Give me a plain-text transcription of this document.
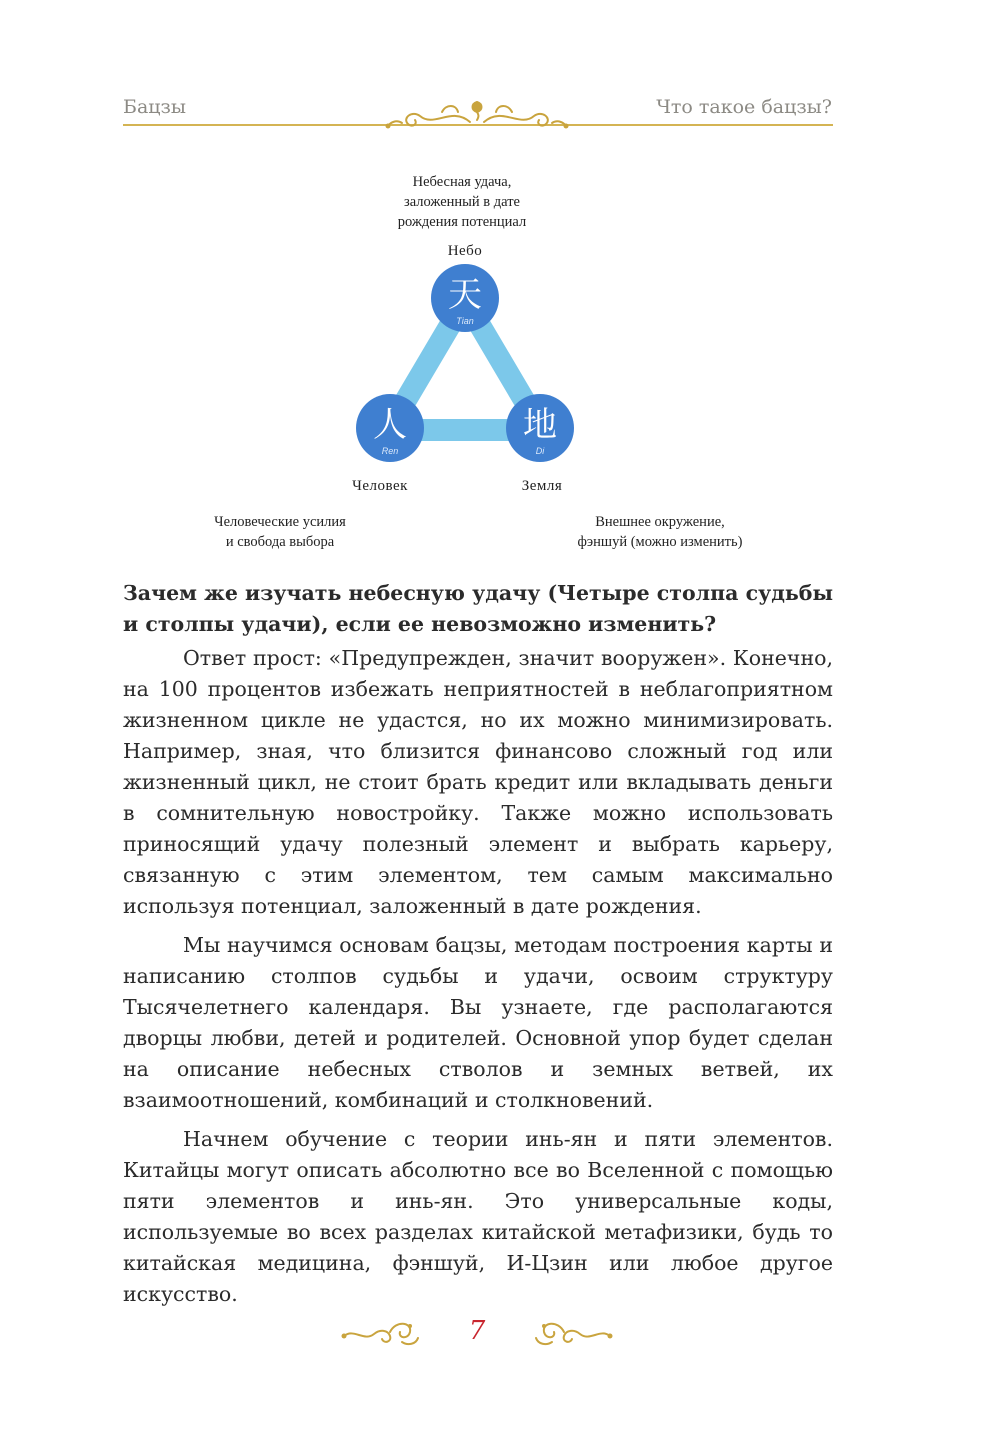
Бацзы	Что такое бацзы?
Небесная удача,
заложенный в дате
рождения потенциал
Небо
天
Tian
人
Ren
地
Di
Человек	Земля
Человеческие усилия
и свобода выбора
Внешнее окружение,
фэншуй (можно изменить)

Зачем же изучать небесную удачу (Четыре столпа судьбы и столпы удачи), если ее невозможно изменить?

Ответ прост: «Предупрежден, значит вооружен». Конечно, на 100 процентов избежать неприятностей в неблагоприятном жизненном цикле не удастся, но их можно минимизировать. Например, зная, что близится финансово сложный год или жизненный цикл, не стоит брать кредит или вкладывать деньги в сомнительную новостройку. Также можно использовать приносящий удачу полезный элемент и выбрать карьеру, связанную с этим элементом, тем самым максимально используя потенциал, заложенный в дате рождения.

Мы научимся основам бацзы, методам построения карты и написанию столпов судьбы и удачи, освоим структуру Тысячелетнего календаря. Вы узнаете, где располагаются дворцы любви, детей и родителей. Основной упор будет сделан на описание небесных стволов и земных ветвей, их взаимоотношений, комбинаций и столкновений.

Начнем обучение с теории инь-ян и пяти элементов. Китайцы могут описать абсолютно все во Вселенной с помощью пяти элементов и инь-ян. Это универсальные коды, используемые во всех разделах китайской метафизики, будь то китайская медицина, фэншуй, И-Цзин или любое другое искусство.

7
